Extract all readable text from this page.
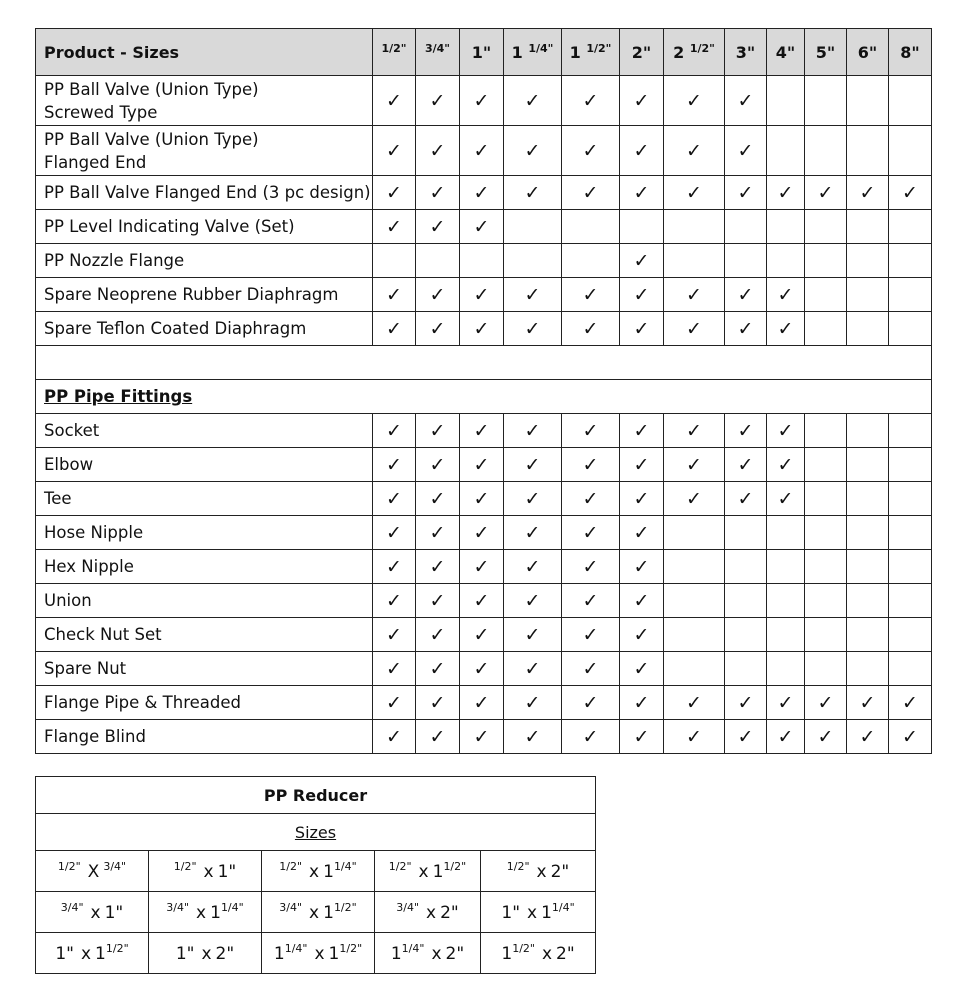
Product - Sizes	$^{1/2"}$	$^{3/4"}$	1"	1 $^{1/4"}$	1 $^{1/2"}$	2"	2 $^{1/2"}$	3"	4"	5"	6"	8"

PP Ball Valve (Union Type)
Screwed Type	✓	✓	✓	✓	✓	✓	✓	✓				

PP Ball Valve (Union Type)
Flanged End	✓	✓	✓	✓	✓	✓	✓	✓				

PP Ball Valve Flanged End (3 pc design)	✓	✓	✓	✓	✓	✓	✓	✓	✓	✓	✓	✓

PP Level Indicating Valve (Set)	✓	✓	✓									

PP Nozzle Flange						✓						

Spare Neoprene Rubber Diaphragm	✓	✓	✓	✓	✓	✓	✓	✓	✓			

Spare Teflon Coated Diaphragm	✓	✓	✓	✓	✓	✓	✓	✓	✓			

PP Pipe Fittings												

Socket	✓	✓	✓	✓	✓	✓	✓	✓	✓			

Elbow	✓	✓	✓	✓	✓	✓	✓	✓	✓			

Tee	✓	✓	✓	✓	✓	✓	✓	✓	✓			

Hose Nipple	✓	✓	✓	✓	✓	✓						

Hex Nipple	✓	✓	✓	✓	✓	✓						

Union	✓	✓	✓	✓	✓	✓						

Check Nut Set	✓	✓	✓	✓	✓	✓						

Spare Nut	✓	✓	✓	✓	✓	✓						

Flange Pipe & Threaded	✓	✓	✓	✓	✓	✓	✓	✓	✓	✓	✓	✓

Flange Blind	✓	✓	✓	✓	✓	✓	✓	✓	✓	✓	✓	✓
PP Reducer				
Sizes				
$^{1/2"}$ X $^{3/4"}$	$^{1/2"}$ x 1"	$^{1/2"}$ x $1^{1/4"}$	$^{1/2"}$ x $1^{1/2"}$	$^{1/2"}$ x 2"
$^{3/4"}$ x 1"	$^{3/4"}$ x $1^{1/4"}$	$^{3/4"}$ x $1^{1/2"}$	$^{3/4"}$ x 2"	1" x $1^{1/4"}$
1" x $1^{1/2"}$	1" x 2"	$1^{1/4"}$ x $1^{1/2"}$	$1^{1/4"}$ x 2"	$1^{1/2"}$ x 2"
